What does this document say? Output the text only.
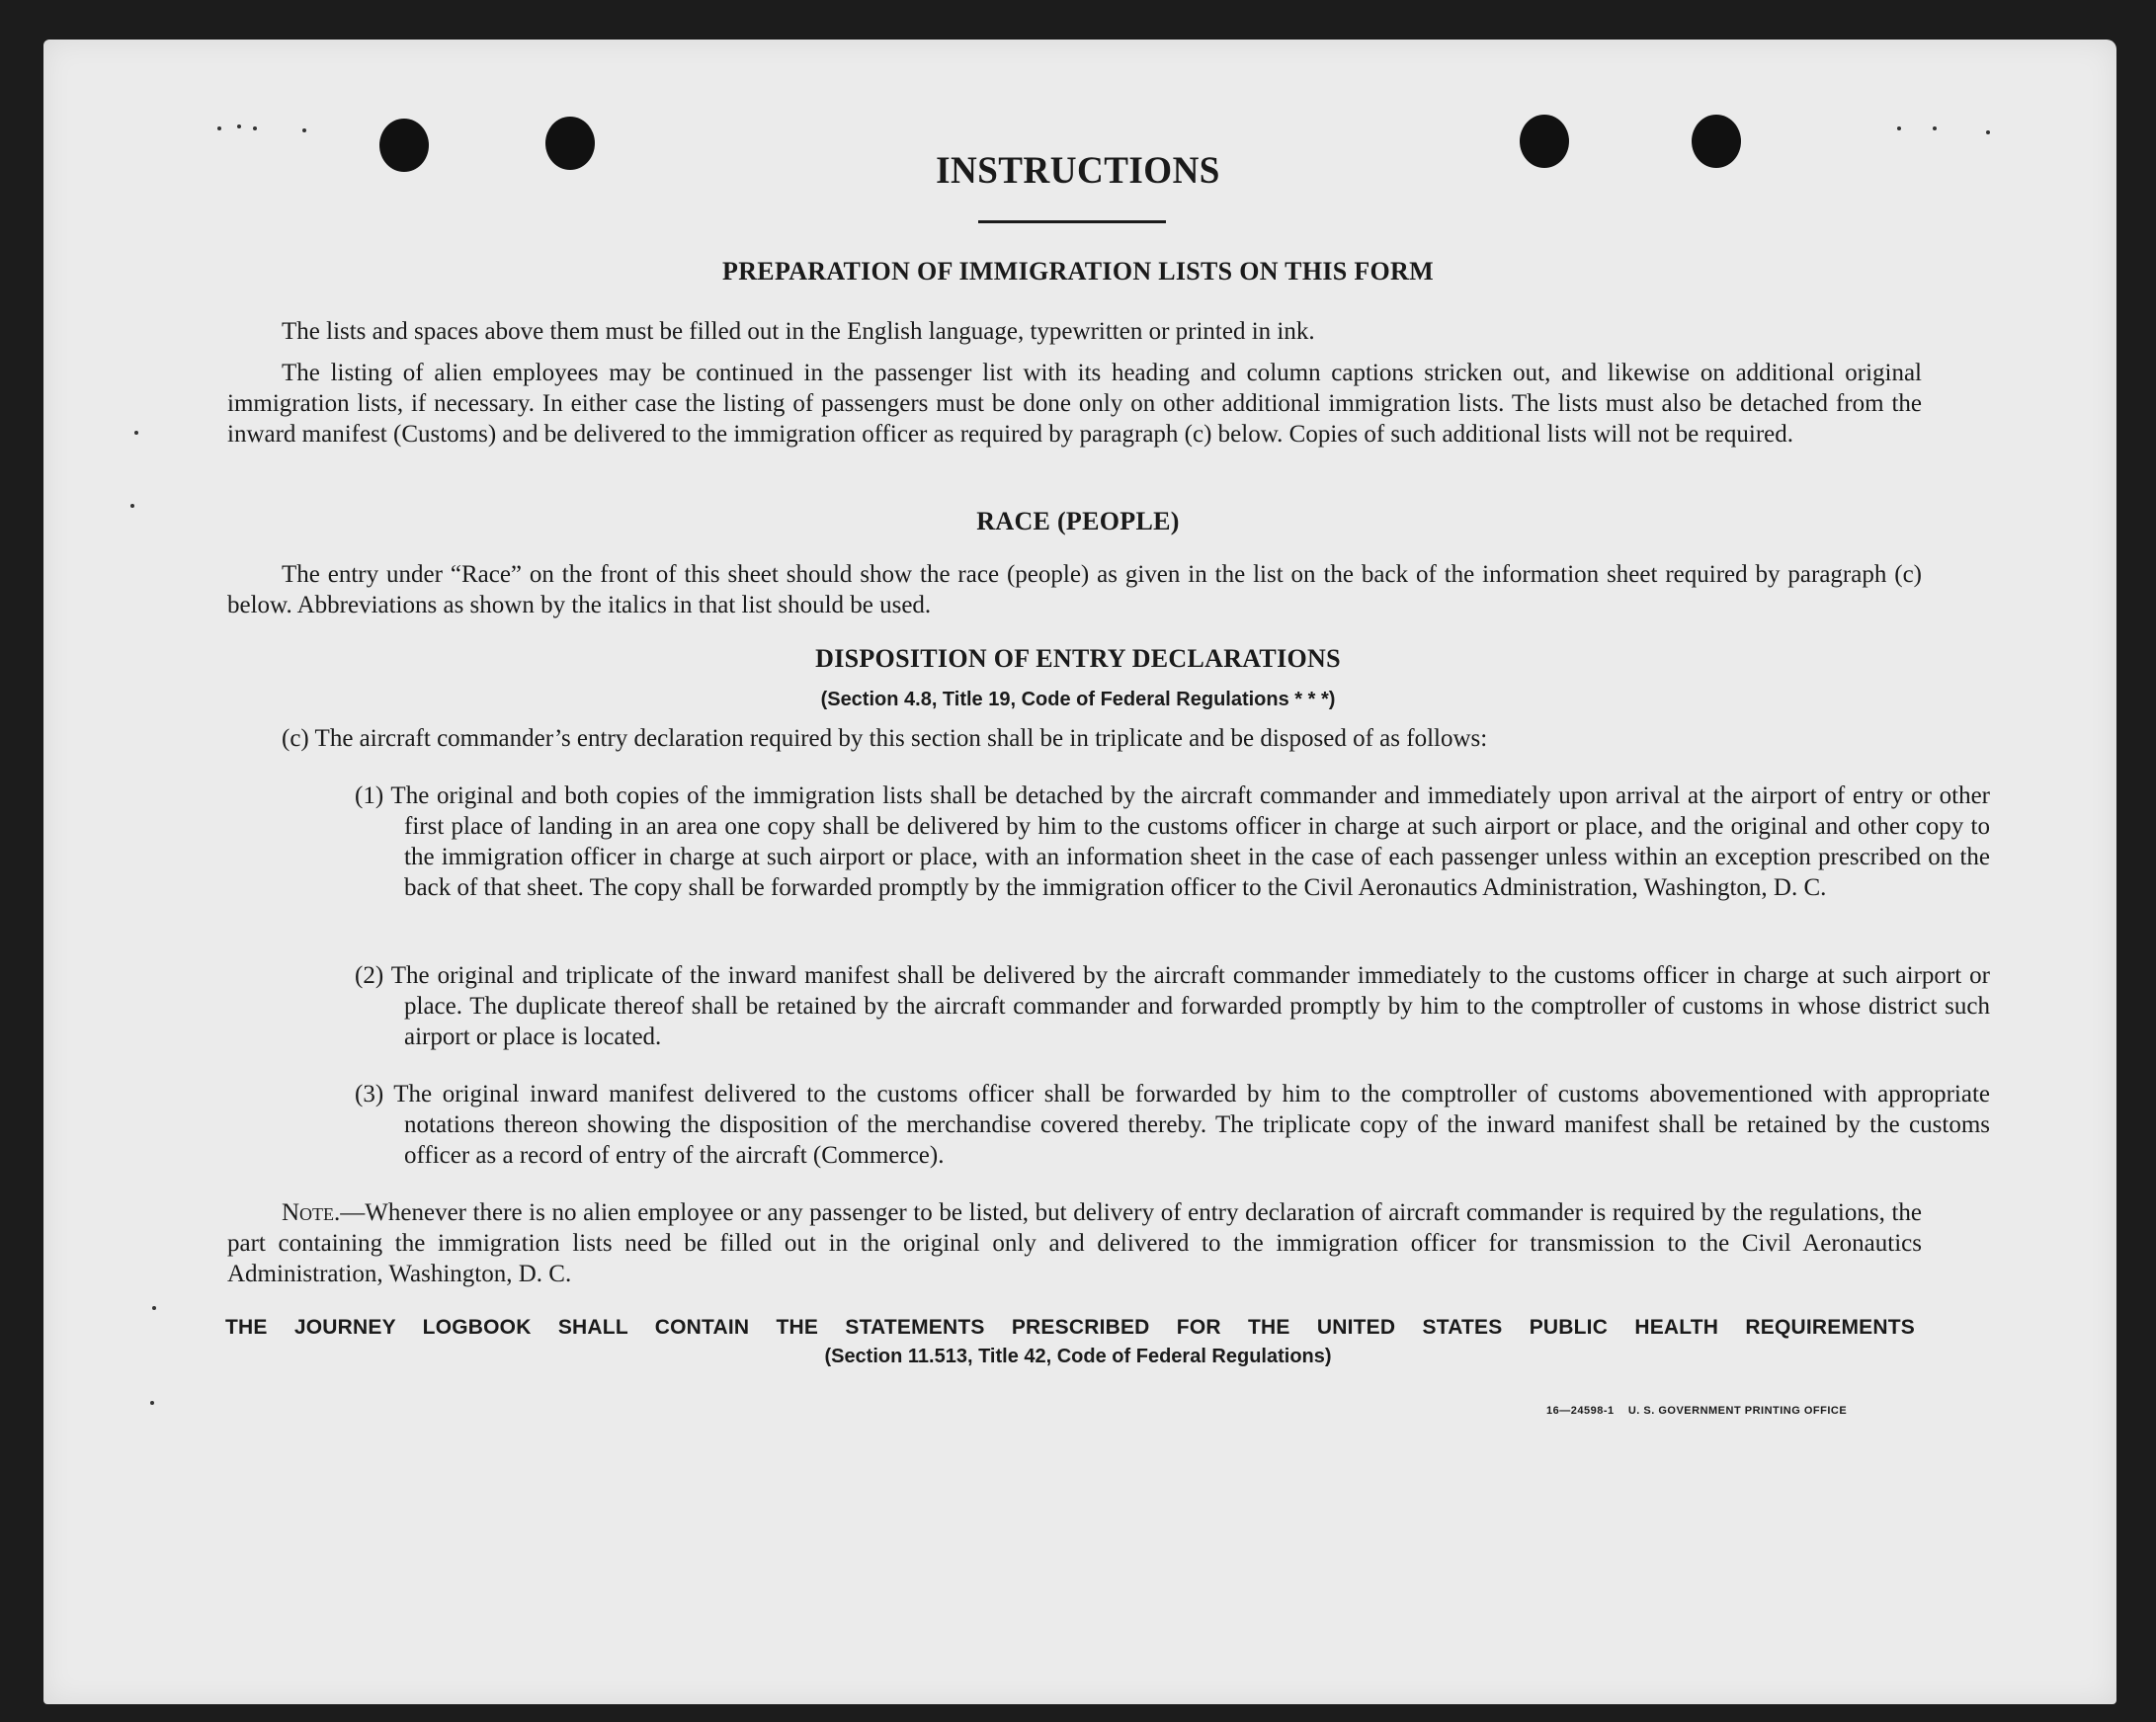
INSTRUCTIONS
PREPARATION OF IMMIGRATION LISTS ON THIS FORM
The lists and spaces above them must be filled out in the English language, typewritten or printed in ink.
The listing of alien employees may be continued in the passenger list with its heading and column captions stricken out, and likewise on additional original immigration lists, if necessary. In either case the listing of passengers must be done only on other additional immigration lists. The lists must also be detached from the inward manifest (Customs) and be delivered to the immigration officer as required by paragraph (c) below. Copies of such additional lists will not be required.
RACE (PEOPLE)
The entry under “Race” on the front of this sheet should show the race (people) as given in the list on the back of the information sheet required by paragraph (c) below. Abbreviations as shown by the italics in that list should be used.
DISPOSITION OF ENTRY DECLARATIONS
(Section 4.8, Title 19, Code of Federal Regulations * * *)
(c) The aircraft commander’s entry declaration required by this section shall be in triplicate and be disposed of as follows:
(1) The original and both copies of the immigration lists shall be detached by the aircraft commander and immediately upon arrival at the airport of entry or other first place of landing in an area one copy shall be delivered by him to the customs officer in charge at such airport or place, and the original and other copy to the immigration officer in charge at such airport or place, with an information sheet in the case of each passenger unless within an exception prescribed on the back of that sheet. The copy shall be forwarded promptly by the immigration officer to the Civil Aeronautics Administration, Washington, D. C.
(2) The original and triplicate of the inward manifest shall be delivered by the aircraft commander immediately to the customs officer in charge at such airport or place. The duplicate thereof shall be retained by the aircraft commander and forwarded promptly by him to the comptroller of customs in whose district such airport or place is located.
(3) The original inward manifest delivered to the customs officer shall be forwarded by him to the comptroller of customs abovementioned with appropriate notations thereon showing the disposition of the merchandise covered thereby. The triplicate copy of the inward manifest shall be retained by the customs officer as a record of entry of the aircraft (Commerce).
Note.—Whenever there is no alien employee or any passenger to be listed, but delivery of entry declaration of aircraft commander is required by the regulations, the part containing the immigration lists need be filled out in the original only and delivered to the immigration officer for transmission to the Civil Aeronautics Administration, Washington, D. C.
THE JOURNEY LOGBOOK SHALL CONTAIN THE STATEMENTS PRESCRIBED FOR THE UNITED STATES PUBLIC HEALTH REQUIREMENTS
(Section 11.513, Title 42, Code of Federal Regulations)
16—24598-1 U. S. GOVERNMENT PRINTING OFFICE
